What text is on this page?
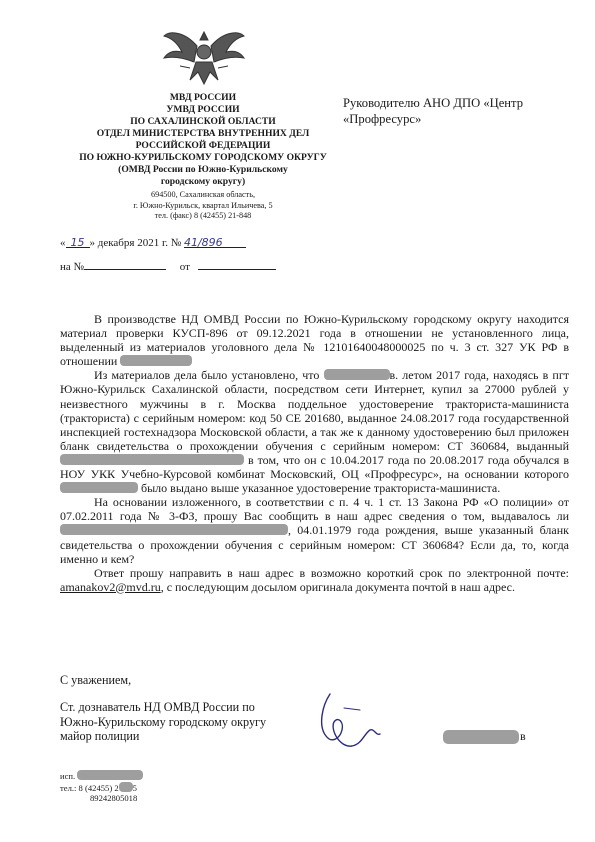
МВД РОССИИ
УМВД РОССИИ
ПО САХАЛИНСКОЙ ОБЛАСТИ
ОТДЕЛ МИНИСТЕРСТВА ВНУТРЕННИХ ДЕЛ
РОССИЙСКОЙ ФЕДЕРАЦИИ
ПО ЮЖНО-КУРИЛЬСКОМУ ГОРОДСКОМУ ОКРУГУ
(ОМВД России по Южно-Курильскому
городскому округу)
694500, Сахалинская область,
г. Южно-Курильск, квартал Ильичева, 5
тел. (факс) 8 (42455) 21-848
Руководителю АНО ДПО «Центр «Профресурс»
« 15 » декабря 2021 г. № 41/896
на №	от

В производстве НД ОМВД России по Южно-Курильскому городскому округу находится материал проверки КУСП-896 от 09.12.2021 года в отношении не установленного лица, выделенный из материалов уголовного дела № 12101640048000025 по ч. 3 ст. 327 УК РФ в отношении

Из материалов дела было установлено, что	в. летом 2017 года, находясь в пгт Южно-Курильск Сахалинской области, посредством сети Интернет, купил за 27000 рублей у неизвестного мужчины в г. Москва поддельное удостоверение тракториста-машиниста (тракториста) с серийным номером: код 50 СЕ 201680, выданное 24.08.2017 года государственной инспекцией гостехнадзора Московской области, а так же к данному удостоверению был приложен бланк свидетельства о прохождении обучения с серийным номером: СТ 360684, выданный  в том, что он с 10.04.2017 года по 20.08.2017 года обучался в НОУ УКК Учебно-Курсовой комбинат Московский, ОЦ «Профресурс», на основании которого  было выдано выше указанное удостоверение тракториста-машиниста.

На основании изложенного, в соответствии с п. 4 ч. 1 ст. 13 Закона РФ «О полиции» от 07.02.2011 года № 3-ФЗ, прошу Вас сообщить в наш адрес сведения о том, выдавалось ли , 04.01.1979 года рождения, выше указанный бланк свидетельства о прохождении обучения с серийным номером: СТ 360684? Если да, то, когда именно и кем?

Ответ прошу направить в наш адрес в возможно короткий срок по электронной почте: amanakov2@mvd.ru, с последующим досылом оригинала документа почтой в наш адрес.

С уважением,
Ст. дознаватель НД ОМВД России по
Южно-Курильскому городскому округу
майор полиции	в
исп.
тел.: 8 (42455) 2 5
89242805018
